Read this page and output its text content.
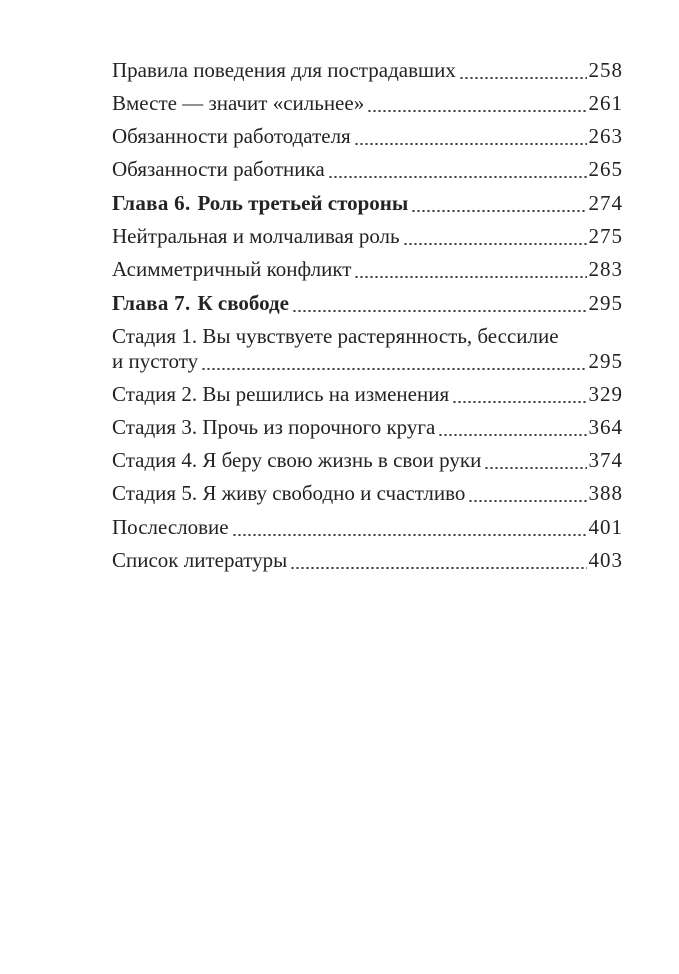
Правила поведения для пострадавших	258
Вместе — значит «сильнее»	261
Обязанности работодателя	263
Обязанности работника	265
Глава 6. Роль третьей стороны	274
Нейтральная и молчаливая роль	275
Асимметричный конфликт	283
Глава 7. К свободе	295
Стадия 1. Вы чувствуете растерянность, бессилие
и пустоту	295
Стадия 2. Вы решились на изменения	329
Стадия 3. Прочь из порочного круга	364
Стадия 4. Я беру свою жизнь в свои руки	374
Стадия 5. Я живу свободно и счастливо	388
Послесловие	401
Список литературы	403
